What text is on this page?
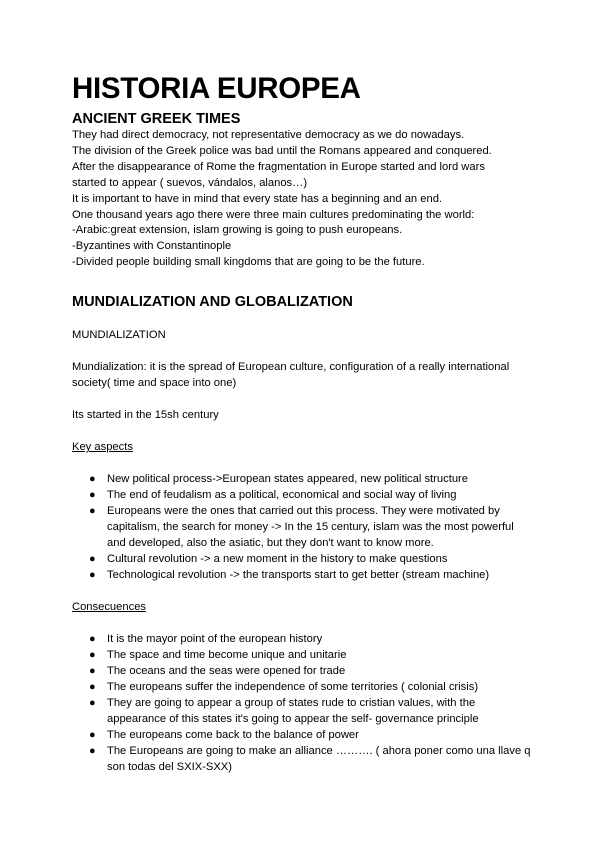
HISTORIA EUROPEA
ANCIENT GREEK TIMES

They had direct democracy, not representative democracy as we do nowadays.

The division of the Greek police was bad until the Romans appeared and conquered.

After the disappearance of Rome the fragmentation in Europe started and lord wars

started to appear ( suevos, vándalos, alanos…)

It is important to have in mind that every state has a beginning and an end.

One thousand years ago there were three main cultures predominating the world:

-Arabic:great extension, islam growing is going to push europeans.

-Byzantines with Constantinople

-Divided people building small kingdoms that are going to be the future.

MUNDIALIZATION AND GLOBALIZATION

MUNDIALIZATION

Mundialization: it is the spread of European culture, configuration of a really international society( time and space into one)

Its started in the 15sh century

Key aspects

● New political process->European states appeared, new political structure
● The end of feudalism as a political, economical and social way of living
● Europeans were the ones that carried out this process. They were motivated by capitalism, the search for money -> In the 15 century, islam was the most powerful and developed, also the asiatic, but they don't want to know more.
● Cultural revolution -> a new moment in the history to make questions
● Technological revolution -> the transports start to get better (stream machine)

Consecuences

● It is the mayor point of the european history
● The space and time become unique and unitarie
● The oceans and the seas were opened for trade
● The europeans suffer the independence of some territories ( colonial crisis)
● They are going to appear a group of states rude to cristian values, with the appearance of this states it's going to appear the self- governance principle
● The europeans come back to the balance of power
● The Europeans are going to make an alliance ………. ( ahora poner como una llave q son todas del SXIX-SXX)
